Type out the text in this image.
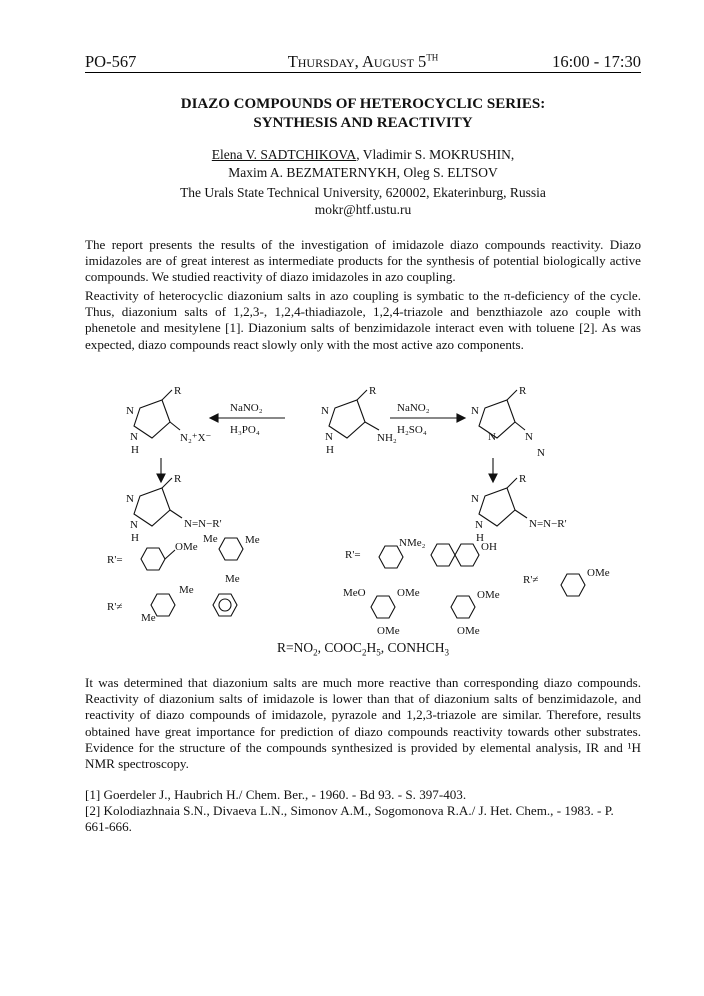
PO-567	Thursday, August 5TH	16:00 - 17:30
DIAZO COMPOUNDS OF HETEROCYCLIC SERIES:
SYNTHESIS AND REACTIVITY
Elena V. SADTCHIKOVA, Vladimir S. MOKRUSHIN,
Maxim A. BEZMATERNYKH, Oleg S. ELTSOV
The Urals State Technical University, 620002, Ekaterinburg, Russia
mokr@htf.ustu.ru

The report presents the results of the investigation of imidazole diazo compounds reactivity. Diazo imidazoles are of great interest as intermediate products for the synthesis of potential biologically active compounds. We studied reactivity of diazo imidazoles in azo coupling.

Reactivity of heterocyclic diazonium salts in azo coupling is symbatic to the π-deficiency of the cycle. Thus, diazonium salts of 1,2,3-, 1,2,4-thiadiazole, 1,2,4-triazole and benzthiazole azo couple with phenetole and mesitylene [1]. Diazonium salts of benzimidazole interact even with toluene [2]. As was expected, diazo compounds react slowly only with the most active azo components.

R
N
N
H
NH₂
NaNO₂
H₃PO₄
NaNO₂
H₂SO₄
R
N
N
H
N₂⁺X⁻
R
N
N	N
N
R
N
N
H
N=N−R'
R
N
N
H
N=N−R'
R'=
OMe
Me Me
Me
R'≠
Me
Me
R'=
NMe₂	OH
R'≠
OMe
MeO	OMe
OMe
OMe
OMe
$R=NO_2$, $COOC_2H_5$, $CONHCH_3$

It was determined that diazonium salts are much more reactive than corresponding diazo compounds. Reactivity of diazonium salts of imidazole is lower than that of diazonium salts of benzimidazole, and reactivity of diazo compounds of imidazole, pyrazole and 1,2,3-triazole are similar. Therefore, results obtained have great importance for prediction of diazo compounds reactivity towards other substrates. Evidence for the structure of the compounds synthesized is provided by elemental analysis, IR and ¹H NMR spectroscopy.

[1] Goerdeler J., Haubrich H./ Chem. Ber., - 1960. - Bd 93. - S. 397-403.
[2] Kolodiazhnaia S.N., Divaeva L.N., Simonov A.M., Sogomonova R.A./ J. Het. Chem., - 1983. - P. 661-666.
